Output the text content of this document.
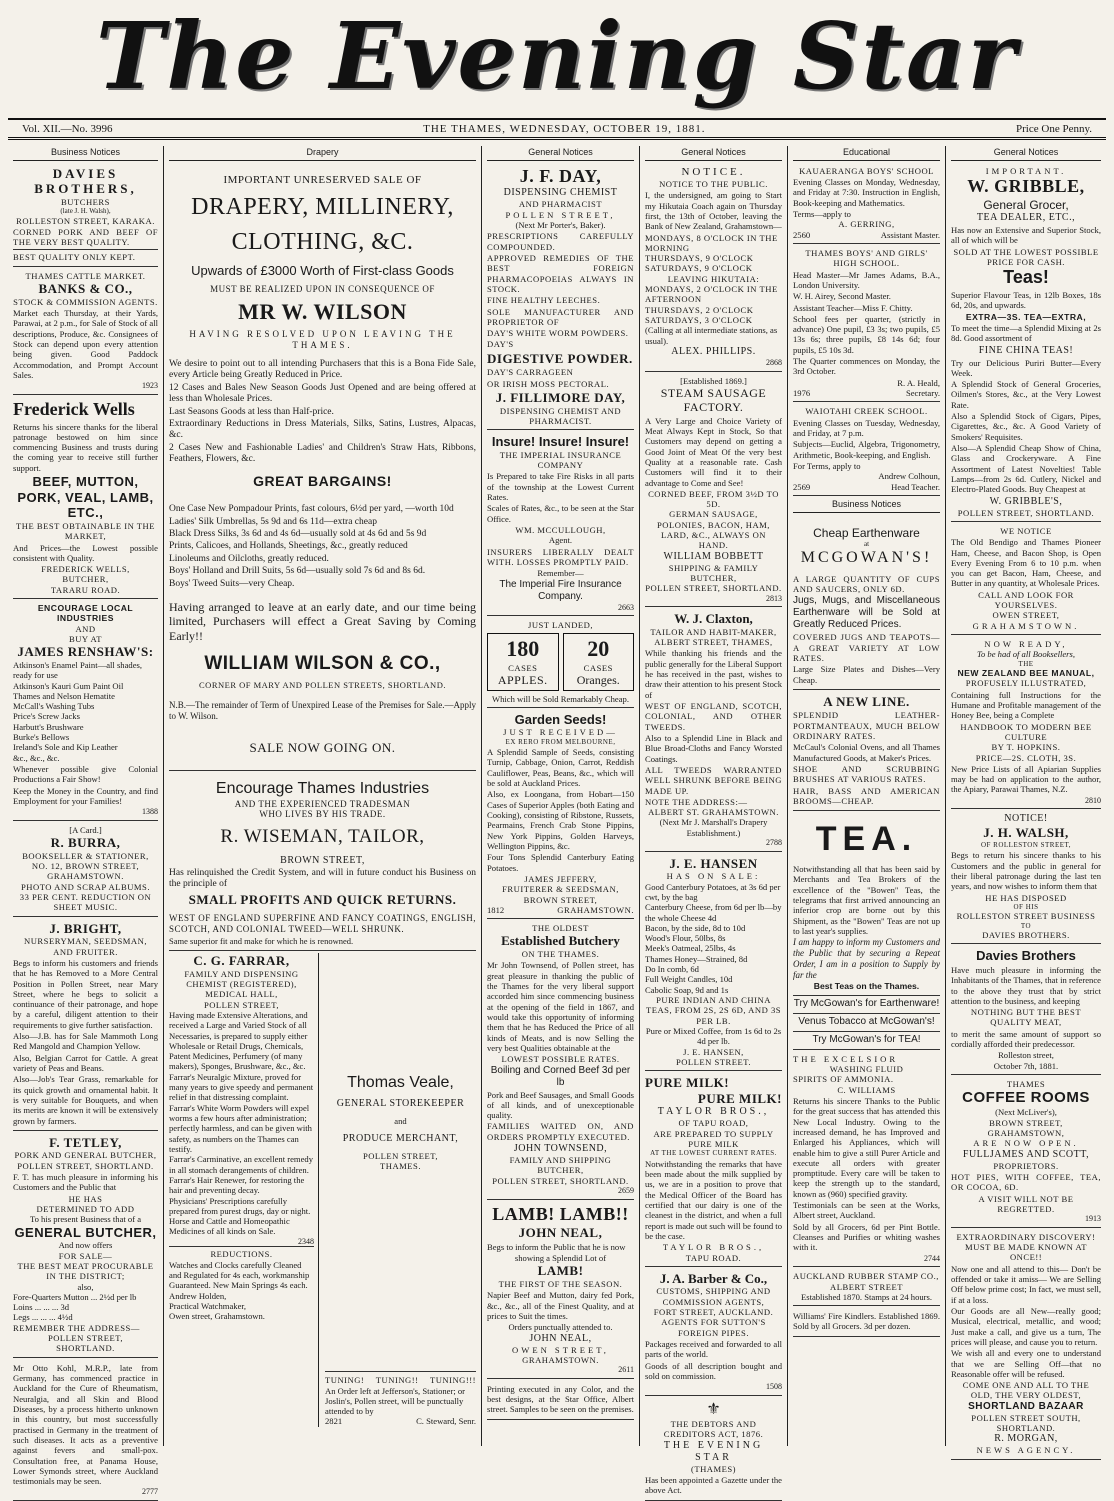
The Evening Star
Vol. XII.—No. 3996	THE THAMES, WEDNESDAY, OCTOBER 19, 1881.	Price One Penny.
Business Notices
DAVIES BROTHERS,
BUTCHERS
(late J. H. Walsh),
ROLLESTON STREET, KARAKA.

CORNED PORK AND BEEF OF THE VERY BEST QUALITY.

BEST QUALITY ONLY KEPT.

THAMES CATTLE MARKET.
BANKS & CO.,
STOCK & COMMISSION AGENTS.

Market each Thursday, at their Yards, Parawai, at 2 p.m., for Sale of Stock of all descriptions, Produce, &c. Consignees of Stock can depend upon every attention being given. Good Paddock Accommodation, and Prompt Account Sales.

1923
Frederick Wells

Returns his sincere thanks for the liberal patronage bestowed on him since commencing Business and trusts during the coming year to receive still further support.

BEEF, MUTTON, PORK, VEAL, LAMB, ETC.,
THE BEST OBTAINABLE IN THE MARKET,

And Prices—the Lowest possible consistent with Quality.

FREDERICK WELLS,
BUTCHER,
TARARU ROAD.
ENCOURAGE LOCAL INDUSTRIES
AND
BUY AT
JAMES RENSHAW'S:
Atkinson's Enamel Paint—all shades, ready for use
Atkinson's Kauri Gum Paint Oil
Thames and Nelson Hematite
McCall's Washing Tubs
Price's Screw Jacks
Harbutt's Brushware
Burke's Bellows
Ireland's Sole and Kip Leather
&c., &c., &c.

Whenever possible give Colonial Productions a Fair Show!

Keep the Money in the Country, and find Employment for your Families!

1388
[A Card.]
R. BURRA,
BOOKSELLER & STATIONER,
NO. 12, BROWN STREET,
GRAHAMSTOWN.
PHOTO AND SCRAP ALBUMS.
33 PER CENT. REDUCTION ON SHEET MUSIC.
J. BRIGHT,
NURSERYMAN, SEEDSMAN, AND FRUITER.

Begs to inform his customers and friends that he has Removed to a More Central Position in Pollen Street, near Mary Street, where he begs to solicit a continuance of their patronage, and hope by a careful, diligent attention to their requirements to give further satisfaction.

Also—J.B. has for Sale Mammoth Long Red Mangold and Champion Yellow.

Also, Belgian Carrot for Cattle. A great variety of Peas and Beans.

Also—Job's Tear Grass, remarkable for its quick growth and ornamental habit. It is very suitable for Bouquets, and when its merits are known it will be extensively grown by farmers.

F. TETLEY,
PORK AND GENERAL BUTCHER,
POLLEN STREET, SHORTLAND.

F. T. has much pleasure in informing his Customers and the Public that

HE HAS
DETERMINED TO ADD
To his present Business that of a
GENERAL BUTCHER,
And now offers
FOR SALE—
THE BEST MEAT PROCURABLE IN THE DISTRICT;
also,
Fore-Quarters Mutton ... 2½d per lb
Loins ... ... ... 3d
Legs ... ... ... 4½d
REMEMBER THE ADDRESS—
POLLEN STREET,
SHORTLAND.

Mr Otto Kohl, M.R.P., late from Germany, has commenced practice in Auckland for the Cure of Rheumatism, Neuralgia, and all Skin and Blood Diseases, by a process hitherto unknown in this country, but most successfully practised in Germany in the treatment of such diseases. It acts as a preventive against fevers and small-pox. Consultation free, at Panama House, Lower Symonds street, where Auckland testimonials may be seen.

2777
Drapery
IMPORTANT UNRESERVED SALE OF
DRAPERY, MILLINERY,
CLOTHING, &C.
Upwards of £3000 Worth of First-class Goods
MUST BE REALIZED UPON IN CONSEQUENCE OF
MR W. WILSON
HAVING RESOLVED UPON LEAVING THE THAMES.

We desire to point out to all intending Purchasers that this is a Bona Fide Sale, every Article being Greatly Reduced in Price.

12 Cases and Bales New Season Goods Just Opened and are being offered at less than Wholesale Prices.

Last Seasons Goods at less than Half-price.

Extraordinary Reductions in Dress Materials, Silks, Satins, Lustres, Alpacas, &c.

2 Cases New and Fashionable Ladies' and Children's Straw Hats, Ribbons, Feathers, Flowers, &c.

GREAT BARGAINS!

One Case New Pompadour Prints, fast colours, 6½d per yard, —worth 10d

Ladies' Silk Umbrellas, 5s 9d and 6s 11d—extra cheap

Black Dress Silks, 3s 6d and 4s 6d—usually sold at 4s 6d and 5s 9d

Prints, Calicoes, and Hollands, Sheetings, &c., greatly reduced

Linoleums and Oilcloths, greatly reduced.

Boys' Holland and Drill Suits, 5s 6d—usually sold 7s 6d and 8s 6d.

Boys' Tweed Suits—very Cheap.

Having arranged to leave at an early date, and our time being limited, Purchasers will effect a Great Saving by Coming Early!!

WILLIAM WILSON & CO.,
CORNER OF MARY AND POLLEN STREETS, SHORTLAND.

N.B.—The remainder of Term of Unexpired Lease of the Premises for Sale.—Apply to W. Wilson.

SALE NOW GOING ON.
Encourage Thames Industries
AND THE EXPERIENCED TRADESMAN
WHO LIVES BY HIS TRADE.
R. WISEMAN, TAILOR,
BROWN STREET,

Has relinquished the Credit System, and will in future conduct his Business on the principle of

SMALL PROFITS AND QUICK RETURNS.

WEST OF ENGLAND SUPERFINE AND FANCY COATINGS, ENGLISH, SCOTCH, AND COLONIAL TWEED—WELL SHRUNK.

Same superior fit and make for which he is renowned.

C. G. FARRAR,
FAMILY AND DISPENSING CHEMIST (REGISTERED),
MEDICAL HALL,
POLLEN STREET,

Having made Extensive Alterations, and received a Large and Varied Stock of all Necessaries, is prepared to supply either Wholesale or Retail Drugs, Chemicals, Patent Medicines, Perfumery (of many makers), Sponges, Brushware, &c., &c.

Farrar's Neuralgic Mixture, proved for many years to give speedy and permanent relief in that distressing complaint.

Farrar's White Worm Powders will expel worms a few hours after administration; perfectly harmless, and can be given with safety, as numbers on the Thames can testify.

Farrar's Carminative, an excellent remedy in all stomach derangements of children.

Farrar's Hair Renewer, for restoring the hair and preventing decay.

Physicians' Prescriptions carefully prepared from purest drugs, day or night.

Horse and Cattle and Homeopathic Medicines of all kinds on Sale.

2348
REDUCTIONS.

Watches and Clocks carefully Cleaned and Regulated for 4s each, workmanship Guaranteed. New Main Springs 4s each.

Andrew Holden,
Practical Watchmaker,
Owen street, Grahamstown.
Thomas Veale,
GENERAL STOREKEEPER
and
PRODUCE MERCHANT,
POLLEN STREET,
THAMES.
TUNING! TUNING!! TUNING!!!

An Order left at Jefferson's, Stationer; or Joslin's, Pollen street, will be punctually attended to by

2821	C. Steward, Senr.
General Notices
J. F. DAY,
DISPENSING CHEMIST
AND PHARMACIST
POLLEN STREET,
(Next Mr Porter's, Baker).

PRESCRIPTIONS CAREFULLY COMPOUNDED.

APPROVED REMEDIES OF THE BEST FOREIGN PHARMACOPOEIAS ALWAYS IN STOCK.

FINE HEALTHY LEECHES.

SOLE MANUFACTURER AND PROPRIETOR OF

DAY'S WHITE WORM POWDERS.

DAY'S

DIGESTIVE POWDER.

DAY'S CARRAGEEN

OR IRISH MOSS PECTORAL.

J. FILLIMORE DAY,
DISPENSING CHEMIST AND PHARMACIST.
Insure! Insure! Insure!
THE IMPERIAL INSURANCE COMPANY

Is Prepared to take Fire Risks in all parts of the township at the Lowest Current Rates.

Scales of Rates, &c., to be seen at the Star Office.

WM. MCCULLOUGH,
Agent.

INSURERS LIBERALLY DEALT WITH. LOSSES PROMPTLY PAID.

Remember—
The Imperial Fire Insurance Company.
2663
JUST LANDED,
180
CASES
APPLES.
20
CASES
Oranges.
Which will be Sold Remarkably Cheap.
Garden Seeds!
JUST RECEIVED—
EX RERO FROM MELBOURNE,

A Splendid Sample of Seeds, consisting Turnip, Cabbage, Onion, Carrot, Reddish Cauliflower, Peas, Beans, &c., which will be sold at Auckland Prices.

Also, ex Loongana, from Hobart—150 Cases of Superior Apples (both Eating and Cooking), consisting of Ribstone, Russets, Pearmains, French Crab Stone Pippins, New York Pippins, Golden Harveys, Wellington Pippins, &c.

Four Tons Splendid Canterbury Eating Potatoes.

JAMES JEFFERY,
FRUITERER & SEEDSMAN,
BROWN STREET,
1812	GRAHAMSTOWN.
THE OLDEST
Established Butchery
ON THE THAMES.

Mr John Townsend, of Pollen street, has great pleasure in thanking the public of the Thames for the very liberal support accorded him since commencing business at the opening of the field in 1867, and would take this opportunity of informing them that he has Reduced the Price of all kinds of Meats, and is now Selling the very best Qualities obtainable at the

LOWEST POSSIBLE RATES.
Boiling and Corned Beef 3d per lb

Pork and Beef Sausages, and Small Goods of all kinds, and of unexceptionable quality.

FAMILIES WAITED ON, AND ORDERS PROMPTLY EXECUTED.

JOHN TOWNSEND,
FAMILY AND SHIPPING BUTCHER,
POLLEN STREET, SHORTLAND.
2659
LAMB! LAMB!!
JOHN NEAL,

Begs to inform the Public that he is now

showing a Splendid Lot of
LAMB!
THE FIRST OF THE SEASON.

Napier Beef and Mutton, dairy fed Pork, &c., &c., all of the Finest Quality, and at prices to Suit the times.

Orders punctually attended to.
JOHN NEAL,
OWEN STREET,
GRAHAMSTOWN.
2611

Printing executed in any Color, and the best designs, at the Star Office, Albert street. Samples to be seen on the premises.

General Notices
NOTICE.
NOTICE TO THE PUBLIC.

I, the undersigned, am going to Start my Hikutaia Coach again on Thursday first, the 13th of October, leaving the Bank of New Zealand, Grahamstown—

MONDAYS, 8 O'CLOCK IN THE MORNING
THURSDAYS, 9 O'CLOCK
SATURDAYS, 9 O'CLOCK
LEAVING HIKUTAIA:
MONDAYS, 2 O'CLOCK IN THE AFTERNOON
THURSDAYS, 2 O'CLOCK
SATURDAYS, 3 O'CLOCK
(Calling at all intermediate stations, as usual).
ALEX. PHILLIPS.
2868
[Established 1869.]
STEAM SAUSAGE FACTORY.

A Very Large and Choice Variety of Meat Always Kept in Stock, So that Customers may depend on getting a Good Joint of Meat Of the very best Quality at a reasonable rate. Cash Customers will find it to their advantage to Come and See!

CORNED BEEF, FROM 3½D TO 5D.
GERMAN SAUSAGE, POLONIES, BACON, HAM, LARD, &C., ALWAYS ON HAND.
WILLIAM BOBBETT
SHIPPING & FAMILY BUTCHER,
POLLEN STREET, SHORTLAND.
2813
W. J. Claxton,
TAILOR AND HABIT-MAKER,
ALBERT STREET, THAMES,

While thanking his friends and the public generally for the Liberal Support he has received in the past, wishes to draw their attention to his present Stock of

WEST OF ENGLAND, SCOTCH, COLONIAL, AND OTHER TWEEDS.

Also to a Splendid Line in Black and Blue Broad-Cloths and Fancy Worsted Coatings.

ALL TWEEDS WARRANTED WELL SHRUNK BEFORE BEING MADE UP.

NOTE THE ADDRESS:—
ALBERT ST. GRAHAMSTOWN.
(Next Mr J. Marshall's Drapery Establishment.)
2788
J. E. HANSEN
HAS ON SALE:
Good Canterbury Potatoes, at 3s 6d per cwt, by the bag
Canterbury Cheese, from 6d per lb—by the whole Cheese 4d
Bacon, by the side, 8d to 10d
Wood's Flour, 50lbs, 8s
Meek's Oatmeal, 25lbs, 4s
Thames Honey—Strained, 8d
Do In comb, 6d
Full Weight Candles, 10d
Cabolic Soap, 9d and 1s
PURE INDIAN AND CHINA TEAS, FROM 2S, 2S 6D, AND 3S PER LB.
Pure or Mixed Coffee, from 1s 6d to 2s 4d per lb.
J. E. HANSEN,
POLLEN STREET.
PURE MILK!
PURE MILK!
TAYLOR BROS.,
OF TAPU ROAD,
ARE PREPARED TO SUPPLY PURE MILK
AT THE LOWEST CURRENT RATES.

Notwithstanding the remarks that have been made about the milk supplied by us, we are in a position to prove that the Medical Officer of the Board has certified that our dairy is one of the cleanest in the district, and when a full report is made out such will be found to be the case.

TAYLOR BROS.,
TAPU ROAD.
J. A. Barber & Co.,
CUSTOMS, SHIPPING AND COMMISSION AGENTS,
FORT STREET, AUCKLAND.
AGENTS FOR SUTTON'S FOREIGN PIPES.

Packages received and forwarded to all parts of the world.

Goods of all description bought and sold on commission.

1508
⚜
THE DEBTORS AND CREDITORS ACT, 1876.
THE EVENING STAR
(THAMES)

Has been appointed a Gazette under the above Act.

Educational
KAUAERANGA BOYS' SCHOOL

Evening Classes on Monday, Wednesday, and Friday at 7:30. Instruction in English, Book-keeping and Mathematics.

Terms—apply to
A. GERRING,
2560	Assistant Master.
THAMES BOYS' AND GIRLS' HIGH SCHOOL.

Head Master—Mr James Adams, B.A., London University.

W. H. Airey, Second Master.

Assistant Teacher—Miss F. Chitty.

School fees per quarter, (strictly in advance) One pupil, £3 3s; two pupils, £5 13s 6s; three pupils, £8 14s 6d; four pupils, £5 10s 3d.

The Quarter commences on Monday, the 3rd October.

R. A. Heald,
1976	Secretary.
WAIOTAHI CREEK SCHOOL.

Evening Classes on Tuesday, Wednesday, and Friday, at 7 p.m.

Subjects—Euclid, Algebra, Trigonometry, Arithmetic, Book-keeping, and English.

For Terms, apply to
Andrew Colhoun,
2569	Head Teacher.
Business Notices
Cheap Earthenware
at
MCGOWAN'S!

A LARGE QUANTITY OF CUPS AND SAUCERS, ONLY 6D.

Jugs, Mugs, and Miscellaneous Earthenware will be Sold at Greatly Reduced Prices.

COVERED JUGS AND TEAPOTS—A GREAT VARIETY AT LOW RATES.

Large Size Plates and Dishes—Very Cheap.

A NEW LINE.

SPLENDID LEATHER-PORTMANTEAUX, MUCH BELOW ORDINARY RATES.

McCaul's Colonial Ovens, and all Thames Manufactured Goods, at Maker's Prices.

SHOE AND SCRUBBING BRUSHES AT VARIOUS RATES.

HAIR, BASS AND AMERICAN BROOMS—CHEAP.

TEA.

Notwithstanding all that has been said by Merchants and Tea Brokers of the excellence of the "Bowen" Teas, the telegrams that first arrived announcing an inferior crop are borne out by this Shipment, as the "Bowen" Teas are not up to last year's supplies.

I am happy to inform my Customers and the Public that by securing a Repeat Order, I am in a position to Supply by far the

Best Teas on the Thames.
Try McGowan's for Earthenware!
Venus Tobacco at McGowan's!
Try McGowan's for TEA!
THE EXCELSIOR
WASHING FLUID
SPIRITS OF AMMONIA.
C. WILLIAMS

Returns his sincere Thanks to the Public for the great success that has attended this New Local Industry. Owing to the increased demand, he has Improved and Enlarged his Appliances, which will enable him to give a still Purer Article and execute all orders with greater promptitude. Every care will be taken to keep the strength up to the standard, known as (960) specified gravity.

Testimonials can be seen at the Works, Albert street, Auckland.

Sold by all Grocers, 6d per Pint Bottle. Cleanses and Purifies or whiting washes with it.

2744
AUCKLAND RUBBER STAMP CO.,
ALBERT STREET
Established 1870. Stamps at 24 hours.

Williams' Fire Kindlers. Established 1869. Sold by all Grocers. 3d per dozen.

General Notices
IMPORTANT.
W. GRIBBLE,
General Grocer,
TEA DEALER, ETC.,

Has now an Extensive and Superior Stock, all of which will be

SOLD AT THE LOWEST POSSIBLE PRICE FOR CASH.
Teas!

Superior Flavour Teas, in 12lb Boxes, 18s 6d, 20s, and upwards.

EXTRA—3S. TEA—EXTRA,

To meet the time—a Splendid Mixing at 2s 8d. Good assortment of

FINE CHINA TEAS!

Try our Delicious Puriri Butter—Every Week.

A Splendid Stock of General Groceries, Oilmen's Stores, &c., at the Very Lowest Rate.

Also a Splendid Stock of Cigars, Pipes, Cigarettes, &c., &c. A Good Variety of Smokers' Requisites.

Also—A Splendid Cheap Show of China, Glass and Crockeryware. A Fine Assortment of Latest Novelties! Table Lamps—from 2s 6d. Cutlery, Nickel and Electro-Plated Goods. Buy Cheapest at

W. GRIBBLE'S,
POLLEN STREET, SHORTLAND.
WE NOTICE

The Old Bendigo and Thames Pioneer Ham, Cheese, and Bacon Shop, is Open Every Evening From 6 to 10 p.m. when you can get Bacon, Ham, Cheese, and Butter in any quantity, at Wholesale Prices.

CALL AND LOOK FOR YOURSELVES.
OWEN STREET,
GRAHAMSTOWN.
NOW READY,
To be had of all Booksellers,
THE
NEW ZEALAND BEE MANUAL,
PROFUSELY ILLUSTRATED,

Containing full Instructions for the Humane and Profitable management of the Honey Bee, being a Complete

HANDBOOK TO MODERN BEE CULTURE
BY T. HOPKINS.
PRICE—2S. CLOTH, 3S.

New Price Lists of all Apiarian Supplies may be had on application to the author, the Apiary, Parawai Thames, N.Z.

2810
NOTICE!
J. H. WALSH,
OF ROLLESTON STREET,

Begs to return his sincere thanks to his Customers and the public in general for their liberal patronage during the last ten years, and now wishes to inform them that

HE HAS DISPOSED
OF HIS
ROLLESTON STREET BUSINESS
TO
DAVIES BROTHERS.
Davies Brothers

Have much pleasure in informing the Inhabitants of the Thames, that in reference to the above they trust that by strict attention to the business, and keeping

NOTHING BUT THE BEST QUALITY MEAT,

to merit the same amount of support so cordially afforded their predecessor.

Rolleston street,
October 7th, 1881.
THAMES
COFFEE ROOMS
(Next McLiver's),
BROWN STREET, GRAHAMSTOWN,
ARE NOW OPEN.
FULLJAMES AND SCOTT,
PROPRIETORS.

HOT PIES, WITH COFFEE, TEA, OR COCOA, 6D.

A VISIT WILL NOT BE REGRETTED.
1913
EXTRAORDINARY DISCOVERY!
MUST BE MADE KNOWN AT ONCE!!

Now one and all attend to this— Don't be offended or take it amiss— We are Selling Off below prime cost; In fact, we must sell, if at a loss.

Our Goods are all New—really good; Musical, electrical, metallic, and wood; Just make a call, and give us a turn, The prices will please, and cause you to return.

We wish all and every one to understand that we are Selling Off—that no Reasonable offer will be refused.

COME ONE AND ALL TO THE OLD, THE VERY OLDEST,
SHORTLAND BAZAAR
POLLEN STREET SOUTH, SHORTLAND.
R. MORGAN,
NEWS AGENCY.
